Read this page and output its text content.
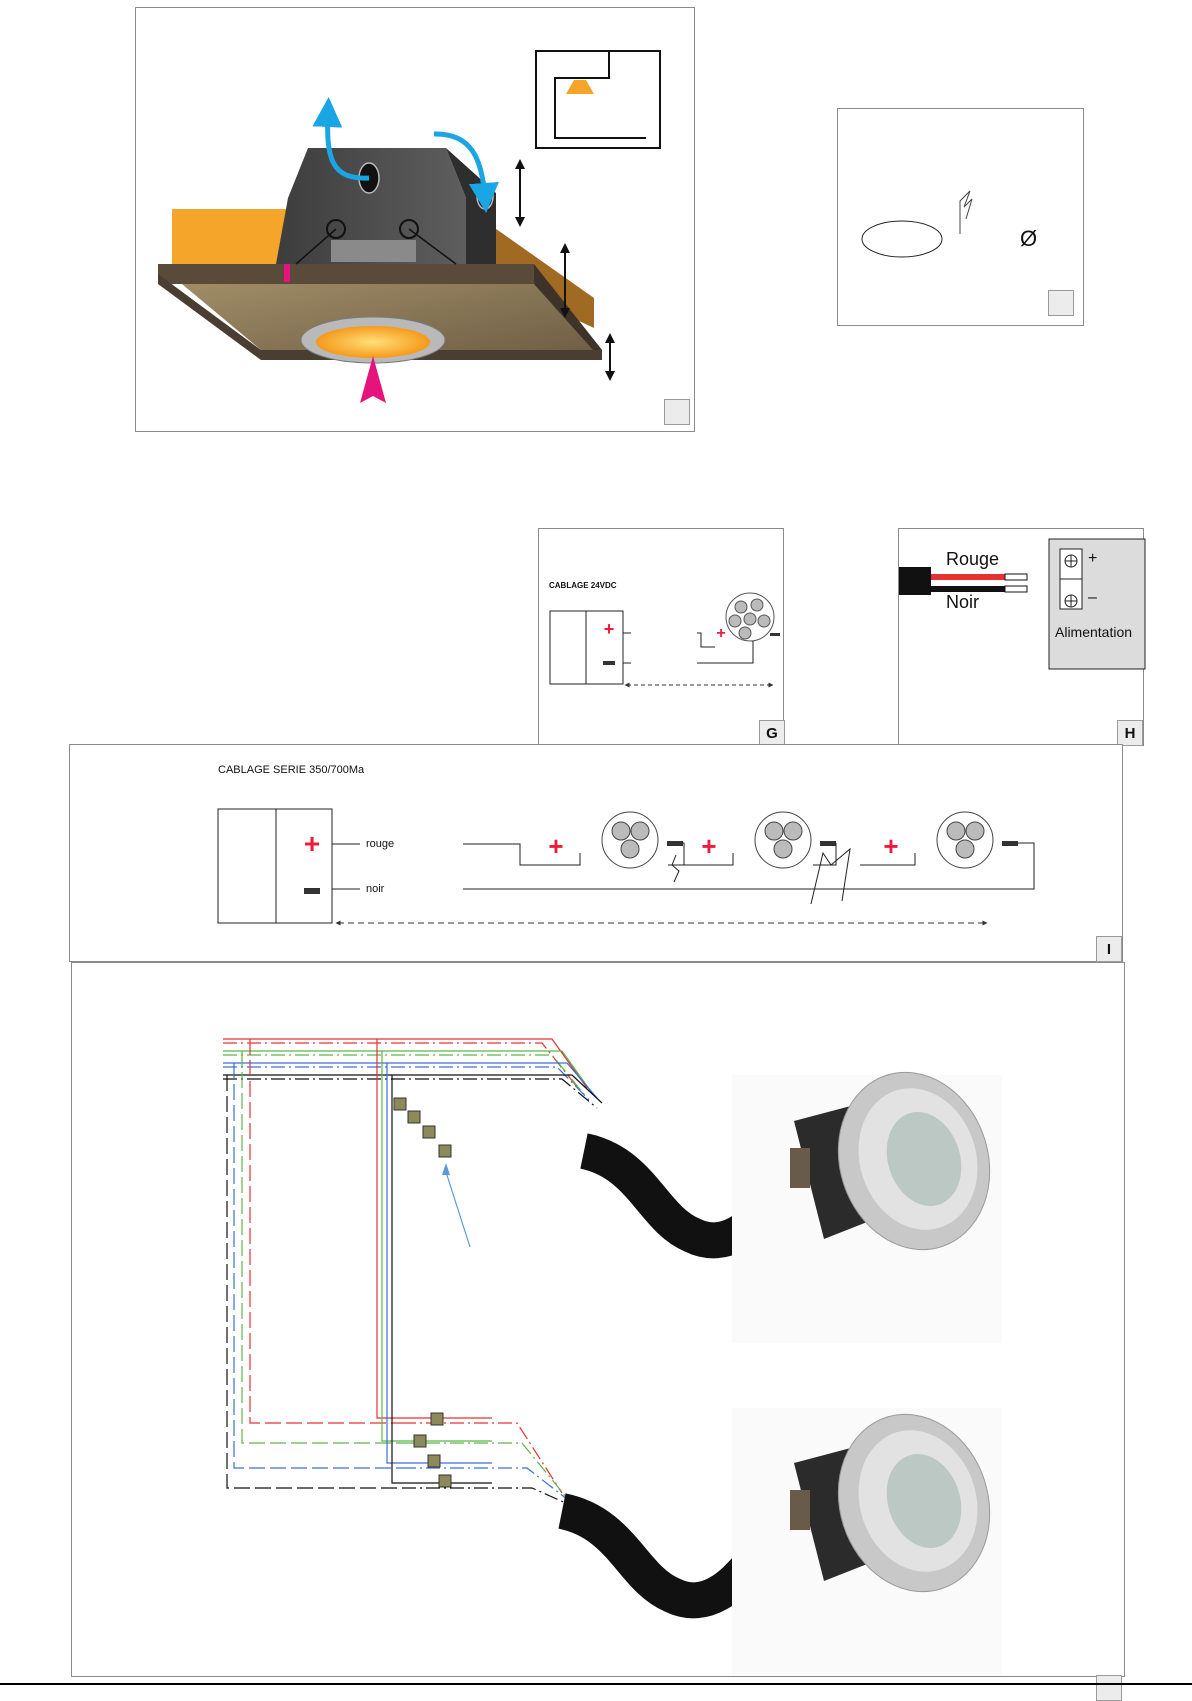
Ø
CABLAGE 24VDC
+	+
G
Rouge
Noir
+
–
Alimentation
H
CABLAGE SERIE 350/700Ma
rouge
noir
+	+	+	+
I
